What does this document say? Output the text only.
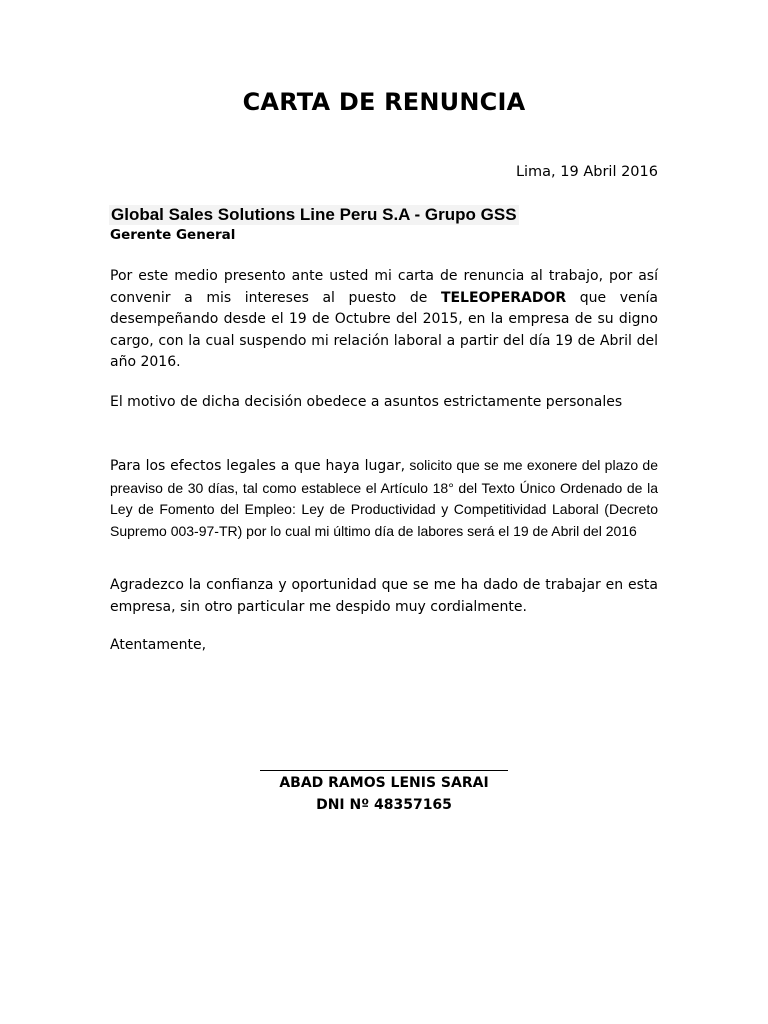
CARTA DE RENUNCIA
Lima, 19 Abril 2016
Global Sales Solutions Line Peru S.A - Grupo GSS
Gerente General
Por este medio presento ante usted mi carta de renuncia al trabajo, por así convenir a mis intereses al puesto de TELEOPERADOR que venía desempeñando desde el 19 de Octubre del 2015, en la empresa de su digno cargo, con la cual suspendo mi relación laboral a partir del día 19 de Abril del año 2016.
El motivo de dicha decisión obedece a asuntos estrictamente personales
Para los efectos legales a que haya lugar, solicito que se me exonere del plazo de preaviso de 30 días, tal como establece el Artículo 18° del Texto Único Ordenado de la Ley de Fomento del Empleo: Ley de Productividad y Competitividad Laboral (Decreto Supremo 003-97-TR) por lo cual mi último día de labores será el 19 de Abril del 2016
Agradezco la confianza y oportunidad que se me ha dado de trabajar en esta empresa, sin otro particular me despido muy cordialmente.
Atentamente,
ABAD RAMOS LENIS SARAI
DNI Nº 48357165
